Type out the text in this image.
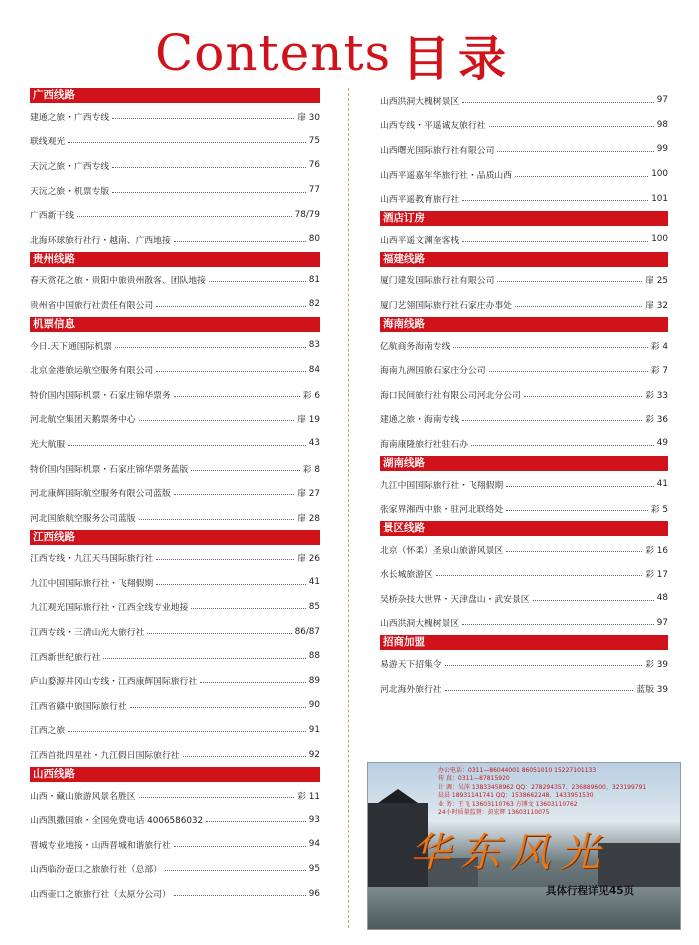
Contents 目录
广西线路
建通之旅・广西专线	扉 30
联线观光	75
天沅之旅・广西专线	76
天沅之旅・机票专版	77
广西新干线	78/79
北海环球旅行社行・越南、广西地接	80
贵州线路
春天赏花之旅・贵阳中旅贵州散客、团队地接	81
贵州省中国旅行社责任有限公司	82
机票信息
今日.天下通国际机票	83
北京金港旅运航空服务有限公司	84
特价国内国际机票・石家庄锦华票务	彩 6
河北航空集团天鹅票务中心	扉 19
光大航服	43
特价国内国际机票・石家庄锦华票务蓝版	彩 8
河北康辉国际航空服务有限公司蓝版	扉 27
河北国旅航空服务公司蓝版	扉 28
江西线路
江西专线・九江天马国际旅行社	扉 26
九江中国国际旅行社・飞翔假期	41
九江观光国际旅行社・江西全线专业地接	85
江西专线・三清山光大旅行社	86/87
江西新世纪旅行社	88
庐山婺源井冈山专线・江西康辉国际旅行社	89
江西省赣中旅国际旅行社	90
江西之旅	91
江西首批四星社・九江假日国际旅行社	92
山西线路
山西・藏山旅游风景名胜区	彩 11
山西凯撒国旅・全国免费电话 4006586032	93
晋城专业地接・山西晋城和谐旅行社	94
山西临汾壶口之旅旅行社（总部）	95
山西壶口之旅旅行社（太原分公司）	96
山西洪洞大槐树景区	97
山西专线・平遥诚友旅行社	98
山西曙光国际旅行社有限公司	99
山西平遥嘉年华旅行社・品质山西	100
山西平遥教育旅行社	101
酒店订房
山西平遥文渊奎客栈	100
福建线路
厦门建发国际旅行社有限公司	扉 25
厦门艺翎国际旅行社石家庄办事处	扉 32
海南线路
亿航商务海南专线	彩 4
海南九洲国旅石家庄分公司	彩 7
海口民间旅行社有限公司河北分公司	彩 33
建通之旅・海南专线	彩 36
海南康隆旅行社驻石办	49
湖南线路
九江中国国际旅行社・飞翔假期	41
张家界湘西中旅・驻河北联络处	彩 5
景区线路
北京（怀柔）圣泉山旅游风景区	彩 16
水长城旅游区	彩 17
吴桥杂技大世界・天津盘山・武安景区	48
山西洪洞大槐树景区	97
招商加盟
易游天下招集令	彩 39
河北海外旅行社	蓝版 39
办公电话：0311—86044001 86051010 15227101133
传 真：0311—87815920
计 调：吴萍 13833458962 QQ：278294357、236889600、323199791
晨晨 18931141741 QQ：1538662248、1433951530
业 务：王飞 13603110763 方博文 13603110762
24小时质量监督：黄宏辉 13603110075
华东风光
具体行程详见45页
